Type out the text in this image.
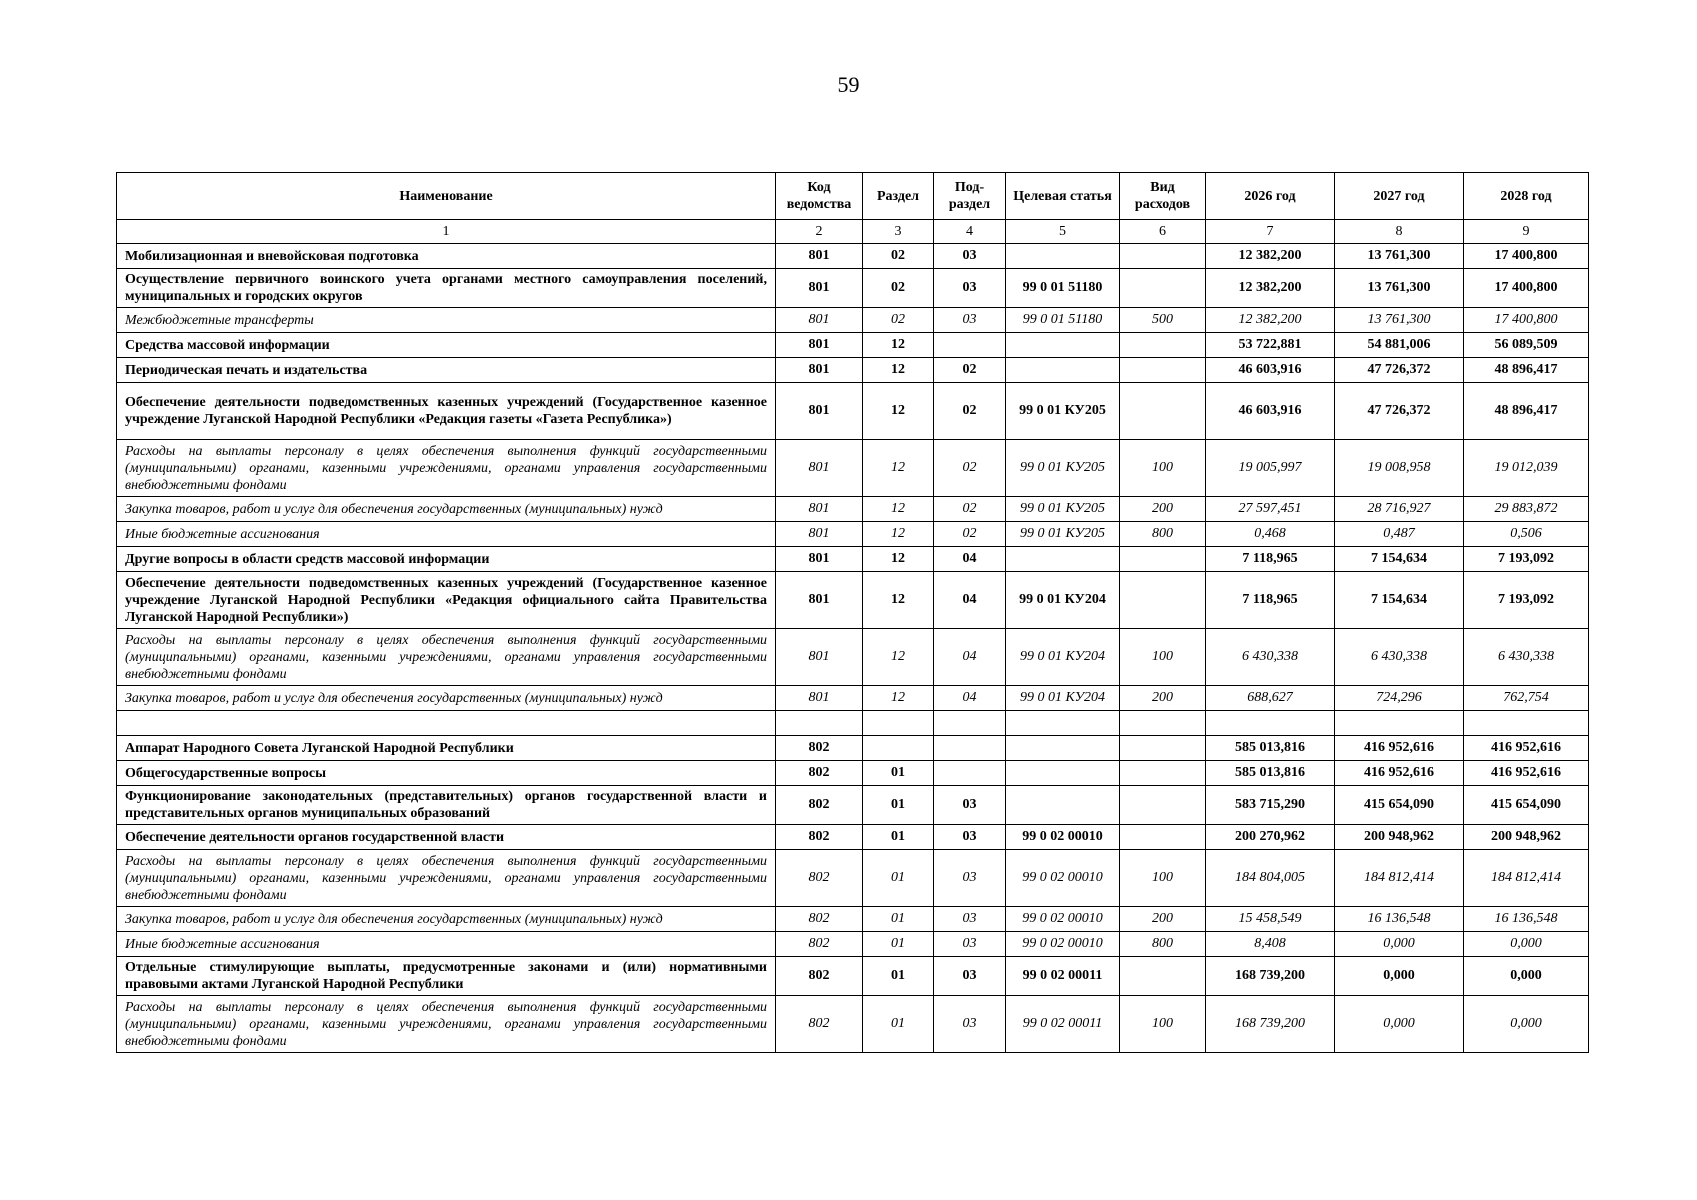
59
Наименование	Код ведомства	Раздел	Под-раздел	Целевая статья	Вид расходов	2026 год	2027 год	2028 год
1	2	3	4	5	6	7	8	9
Мобилизационная и вневойсковая подготовка	801	02	03			12 382,200	13 761,300	17 400,800
Осуществление первичного воинского учета органами местного самоуправления поселений, муниципальных и городских округов	801	02	03	99 0 01 51180		12 382,200	13 761,300	17 400,800
Межбюджетные трансферты	801	02	03	99 0 01 51180	500	12 382,200	13 761,300	17 400,800
Средства массовой информации	801	12				53 722,881	54 881,006	56 089,509
Периодическая печать и издательства	801	12	02			46 603,916	47 726,372	48 896,417
Обеспечение деятельности подведомственных казенных учреждений (Государственное казенное учреждение Луганской Народной Республики «Редакция газеты «Газета Республика»)	801	12	02	99 0 01 КУ205		46 603,916	47 726,372	48 896,417
Расходы на выплаты персоналу в целях обеспечения выполнения функций государственными (муниципальными) органами, казенными учреждениями, органами управления государственными внебюджетными фондами	801	12	02	99 0 01 КУ205	100	19 005,997	19 008,958	19 012,039
Закупка товаров, работ и услуг для обеспечения государственных (муниципальных) нужд	801	12	02	99 0 01 КУ205	200	27 597,451	28 716,927	29 883,872
Иные бюджетные ассигнования	801	12	02	99 0 01 КУ205	800	0,468	0,487	0,506
Другие вопросы в области средств массовой информации	801	12	04			7 118,965	7 154,634	7 193,092
Обеспечение деятельности подведомственных казенных учреждений (Государственное казенное учреждение Луганской Народной Республики «Редакция официального сайта Правительства Луганской Народной Республики»)	801	12	04	99 0 01 КУ204		7 118,965	7 154,634	7 193,092
Расходы на выплаты персоналу в целях обеспечения выполнения функций государственными (муниципальными) органами, казенными учреждениями, органами управления государственными внебюджетными фондами	801	12	04	99 0 01 КУ204	100	6 430,338	6 430,338	6 430,338
Закупка товаров, работ и услуг для обеспечения государственных (муниципальных) нужд	801	12	04	99 0 01 КУ204	200	688,627	724,296	762,754

Аппарат Народного Совета Луганской Народной Республики	802					585 013,816	416 952,616	416 952,616
Общегосударственные вопросы	802	01				585 013,816	416 952,616	416 952,616
Функционирование законодательных (представительных) органов государственной власти и представительных органов муниципальных образований	802	01	03			583 715,290	415 654,090	415 654,090
Обеспечение деятельности органов государственной власти	802	01	03	99 0 02 00010		200 270,962	200 948,962	200 948,962
Расходы на выплаты персоналу в целях обеспечения выполнения функций государственными (муниципальными) органами, казенными учреждениями, органами управления государственными внебюджетными фондами	802	01	03	99 0 02 00010	100	184 804,005	184 812,414	184 812,414
Закупка товаров, работ и услуг для обеспечения государственных (муниципальных) нужд	802	01	03	99 0 02 00010	200	15 458,549	16 136,548	16 136,548
Иные бюджетные ассигнования	802	01	03	99 0 02 00010	800	8,408	0,000	0,000
Отдельные стимулирующие выплаты, предусмотренные законами и (или) нормативными правовыми актами Луганской Народной Республики	802	01	03	99 0 02 00011		168 739,200	0,000	0,000
Расходы на выплаты персоналу в целях обеспечения выполнения функций государственными (муниципальными) органами, казенными учреждениями, органами управления государственными внебюджетными фондами	802	01	03	99 0 02 00011	100	168 739,200	0,000	0,000
